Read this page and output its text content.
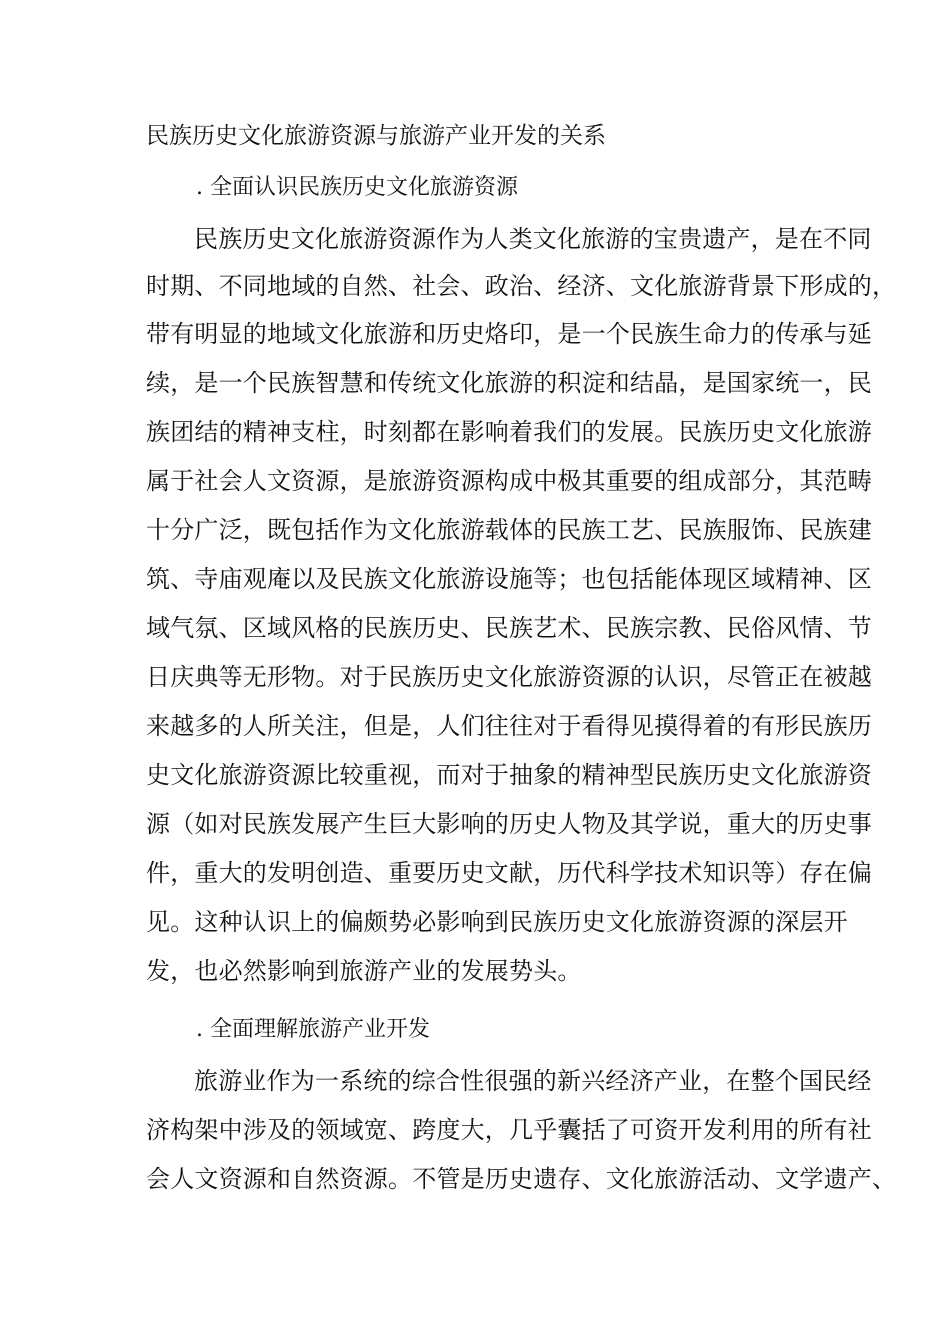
民族历史文化旅游资源与旅游产业开发的关系
. 全面认识民族历史文化旅游资源
民族历史文化旅游资源作为人类文化旅游的宝贵遗产，是在不同
时期、不同地域的自然、社会、政治、经济、文化旅游背景下形成的，
带有明显的地域文化旅游和历史烙印，是一个民族生命力的传承与延
续，是一个民族智慧和传统文化旅游的积淀和结晶，是国家统一，民
族团结的精神支柱，时刻都在影响着我们的发展。民族历史文化旅游
属于社会人文资源，是旅游资源构成中极其重要的组成部分，其范畴
十分广泛，既包括作为文化旅游载体的民族工艺、民族服饰、民族建
筑、寺庙观庵以及民族文化旅游设施等；也包括能体现区域精神、区
域气氛、区域风格的民族历史、民族艺术、民族宗教、民俗风情、节
日庆典等无形物。对于民族历史文化旅游资源的认识，尽管正在被越
来越多的人所关注，但是，人们往往对于看得见摸得着的有形民族历
史文化旅游资源比较重视，而对于抽象的精神型民族历史文化旅游资
源（如对民族发展产生巨大影响的历史人物及其学说，重大的历史事
件，重大的发明创造、重要历史文献，历代科学技术知识等）存在偏
见。这种认识上的偏颇势必影响到民族历史文化旅游资源的深层开
发，也必然影响到旅游产业的发展势头。
. 全面理解旅游产业开发
旅游业作为一系统的综合性很强的新兴经济产业，在整个国民经
济构架中涉及的领域宽、跨度大，几乎囊括了可资开发利用的所有社
会人文资源和自然资源。不管是历史遗存、文化旅游活动、文学遗产、
